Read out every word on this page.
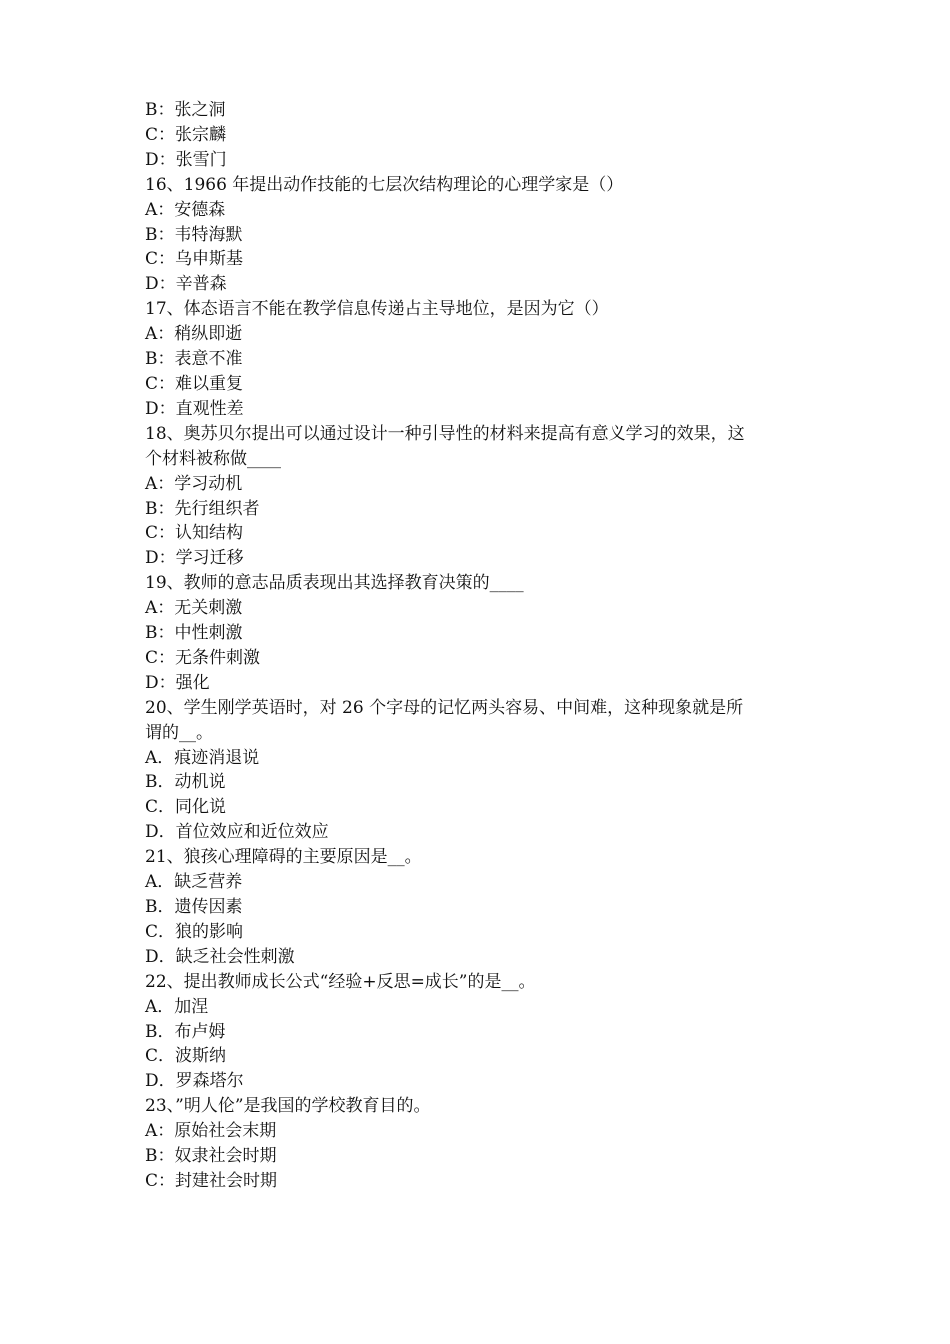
B：张之洞

C：张宗麟

D：张雪门

16、1966 年提出动作技能的七层次结构理论的心理学家是（）

A：安德森

B：韦特海默

C：乌申斯基

D：辛普森

17、体态语言不能在教学信息传递占主导地位，是因为它（）

A：稍纵即逝

B：表意不准

C：难以重复

D：直观性差

18、奥苏贝尔提出可以通过设计一种引导性的材料来提高有意义学习的效果，这

个材料被称做____

A：学习动机

B：先行组织者

C：认知结构

D：学习迁移

19、教师的意志品质表现出其选择教育决策的____

A：无关刺激

B：中性刺激

C：无条件刺激

D：强化

20、学生刚学英语时，对 26 个字母的记忆两头容易、中间难，这种现象就是所

谓的__。

A．痕迹消退说

B．动机说

C．同化说

D．首位效应和近位效应

21、狼孩心理障碍的主要原因是__。

A．缺乏营养

B．遗传因素

C．狼的影响

D．缺乏社会性刺激

22、提出教师成长公式“经验+反思=成长”的是__。

A．加涅

B．布卢姆

C．波斯纳

D．罗森塔尔

23、”明人伦”是我国的学校教育目的。

A：原始社会末期

B：奴隶社会时期

C：封建社会时期
